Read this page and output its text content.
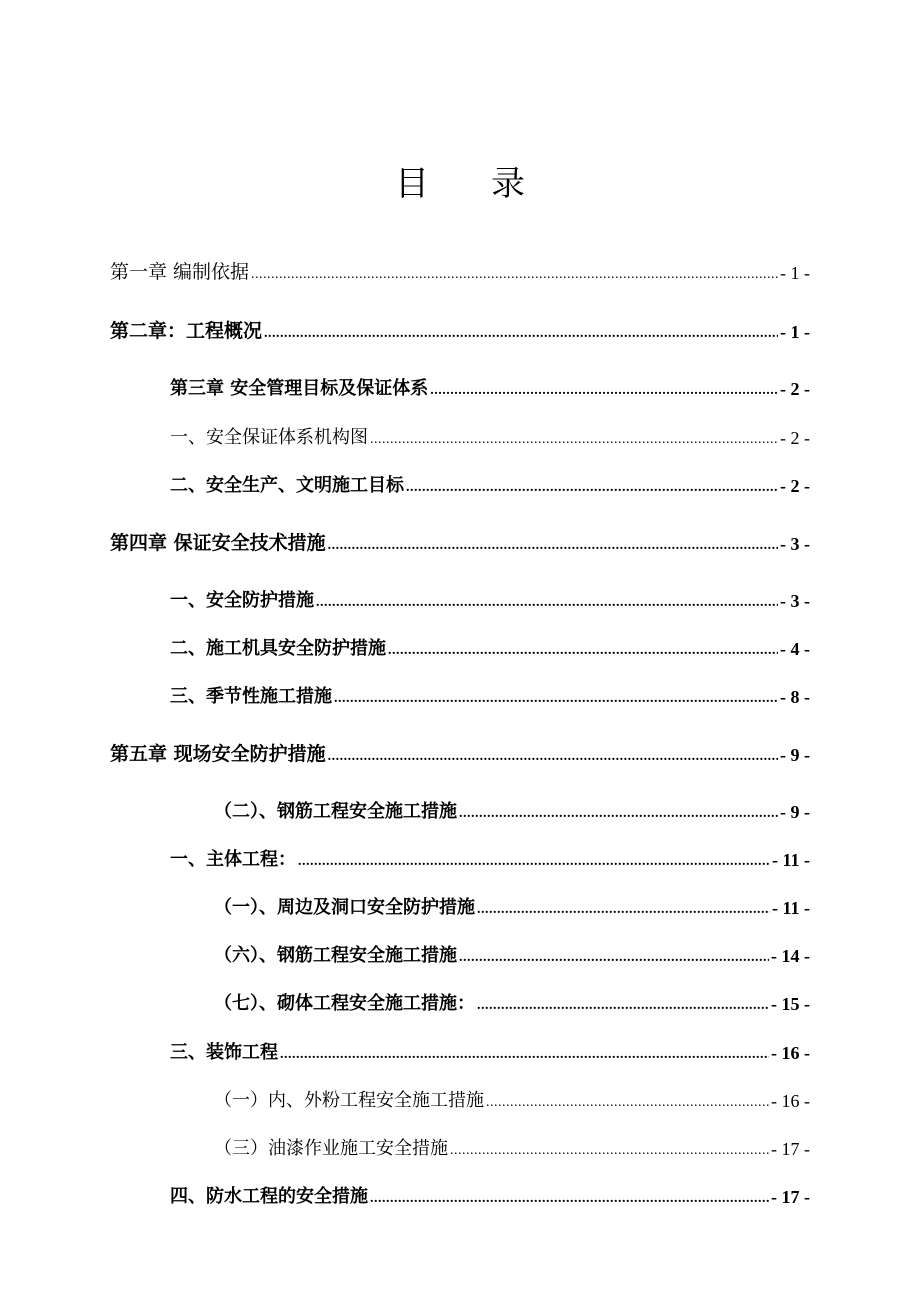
目 录
第一章 编制依据 .....	- 1 -
第二章：工程概况 .....	- 1 -
第三章 安全管理目标及保证体系 .....	- 2 -
一、安全保证体系机构图 .....	- 2 -
二、安全生产、文明施工目标 .....	- 2 -
第四章 保证安全技术措施 .....	- 3 -
一、安全防护措施 .....	- 3 -
二、施工机具安全防护措施 .....	- 4 -
三、季节性施工措施 .....	- 8 -
第五章 现场安全防护措施 .....	- 9 -
（二）、钢筋工程安全施工措施 .....	- 9 -
一、主体工程： .....	- 11 -
（一）、周边及洞口安全防护措施 .....	- 11 -
（六）、钢筋工程安全施工措施 .....	- 14 -
（七）、砌体工程安全施工措施： .....	- 15 -
三、装饰工程 .....	- 16 -
（一）内、外粉工程安全施工措施 .....	- 16 -
（三）油漆作业施工安全措施 .....	- 17 -
四、防水工程的安全措施 .....	- 17 -
